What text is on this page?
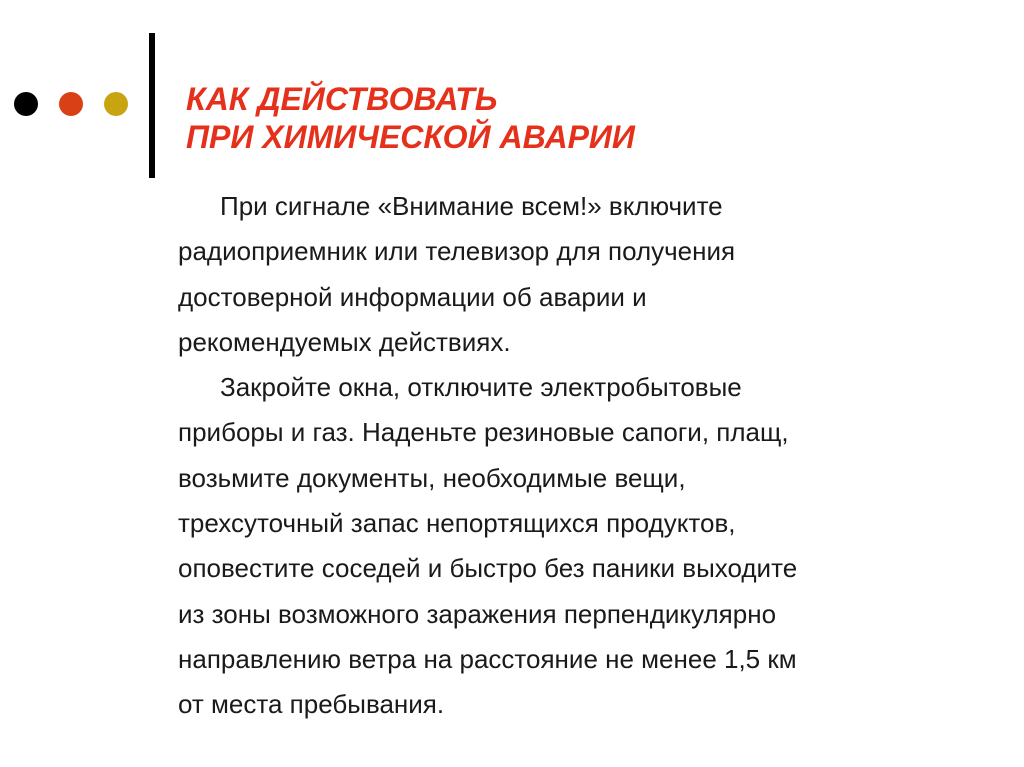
КАК ДЕЙСТВОВАТЬ
ПРИ ХИМИЧЕСКОЙ АВАРИИ
При сигнале «Внимание всем!» включите
радиоприемник или телевизор для получения
достоверной информации об аварии и
рекомендуемых действиях.
Закройте окна, отключите электробытовые
приборы и газ. Наденьте резиновые сапоги, плащ,
возьмите документы, необходимые вещи,
трехсуточный запас непортящихся продуктов,
оповестите соседей и быстро без паники выходите
из зоны возможного заражения перпендикулярно
направлению ветра на расстояние не менее 1,5 км
от места пребывания.
